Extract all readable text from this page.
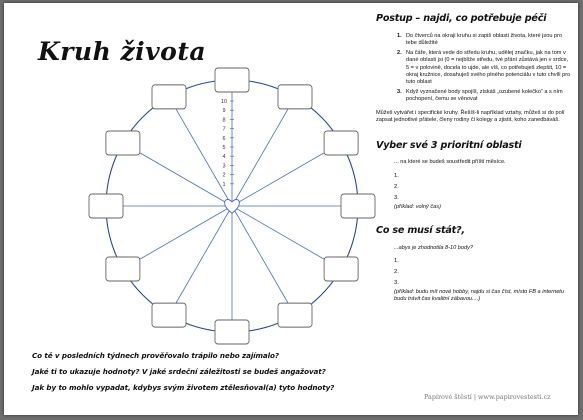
Kruh života
10
9
8
7
6
5
4
3
2
1
Co tě v posledních týdnech prověřovalo trápilo nebo zajímalo?
Jaké ti to ukazuje hodnoty? V jaké srdeční záležitosti se budeš angažovat?
Jak by to mohlo vypadat, kdybys svým životem ztělesňoval(a) tyto hodnoty?

Postup – najdi, co potřebuje péči

1. Do čtverců na okraji kruhu si zapiš oblasti života, které jsou pro tebe důležité
2. Na čáře, která vede do středu kruhu, udělej značku, jak na tom v dané oblasti jsi (0 = nejblíže středu, tvé přání zůstává jen v srdce, 5 = v polovině, docela to ujde, ale víš, co potřebuješ zlepšit, 10 = okraj kružnice, dosahuješ svého plného potenciálu v tuto chvíli pro tuto oblast
3. Když vyznačené body spojíš, získáš „ozubené kolečko“ a s ním pochopení, čemu se věnovat

Můžeš vytvářet i specifické kruhy. Řešíš-li například vztahy, můžeš si do polí zapsat jednotlivé přátele, členy rodiny či kolegy a zjistit, koho zanedbáváš.

Vyber své 3 prioritní oblasti

... na které se budeš soustředit příští měsíce.

1.
2.
3.

(příklad: volný čas)

Co se musí stát?,

...abys je zhodnotila 8-10 body?

1.
2.
3.

(příklad: budu mít nové hobby, najdu si čas číst, místo FB a internetu budu trávit čas kvalitní zábavou....)

Papírové štěstí | www.papirovestesti.cz
